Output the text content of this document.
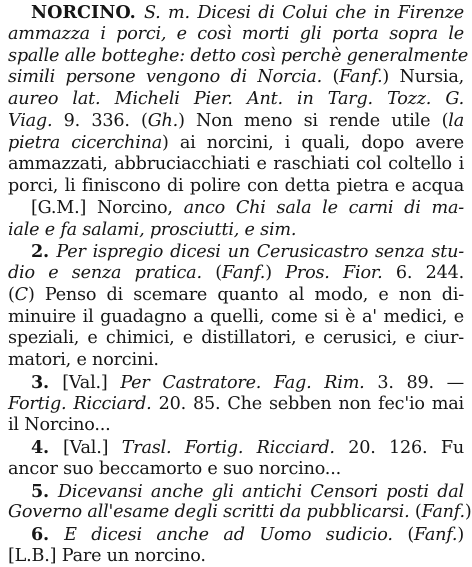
NORCINO. S. m. Dicesi di Colui che in Firenze
ammazza i porci, e così morti gli porta sopra le
spalle alle botteghe: detto così perchè generalmente
simili persone vengono di Norcia. (Fanf.) Nursia,
aureo lat. Micheli Pier. Ant. in Targ. Tozz. G.
Viag. 9. 336. (Gh.) Non meno si rende utile (la
pietra cicerchina) ai norcini, i quali, dopo avere
ammazzati, abbruciacchiati e raschiati col coltello i
porci, li finiscono di polire con detta pietra e acqua
[G.M.] Norcino, anco Chi sala le carni di ma-
iale e fa salami, prosciutti, e sim.
2. Per ispregio dicesi un Cerusicastro senza stu-
dio e senza pratica. (Fanf.) Pros. Fior. 6. 244.
(C) Penso di scemare quanto al modo, e non di-
minuire il guadagno a quelli, come si è a' medici, e
speziali, e chimici, e distillatori, e cerusici, e ciur-
matori, e norcini.
3. [Val.] Per Castratore. Fag. Rim. 3. 89. —
Fortig. Ricciard. 20. 85. Che sebben non fec'io mai
il Norcino...
4. [Val.] Trasl. Fortig. Ricciard. 20. 126. Fu
ancor suo beccamorto e suo norcino...
5. Dicevansi anche gli antichi Censori posti dal
Governo all'esame degli scritti da pubblicarsi. (Fanf.)
6. E dicesi anche ad Uomo sudicio. (Fanf.)
[L.B.] Pare un norcino.
